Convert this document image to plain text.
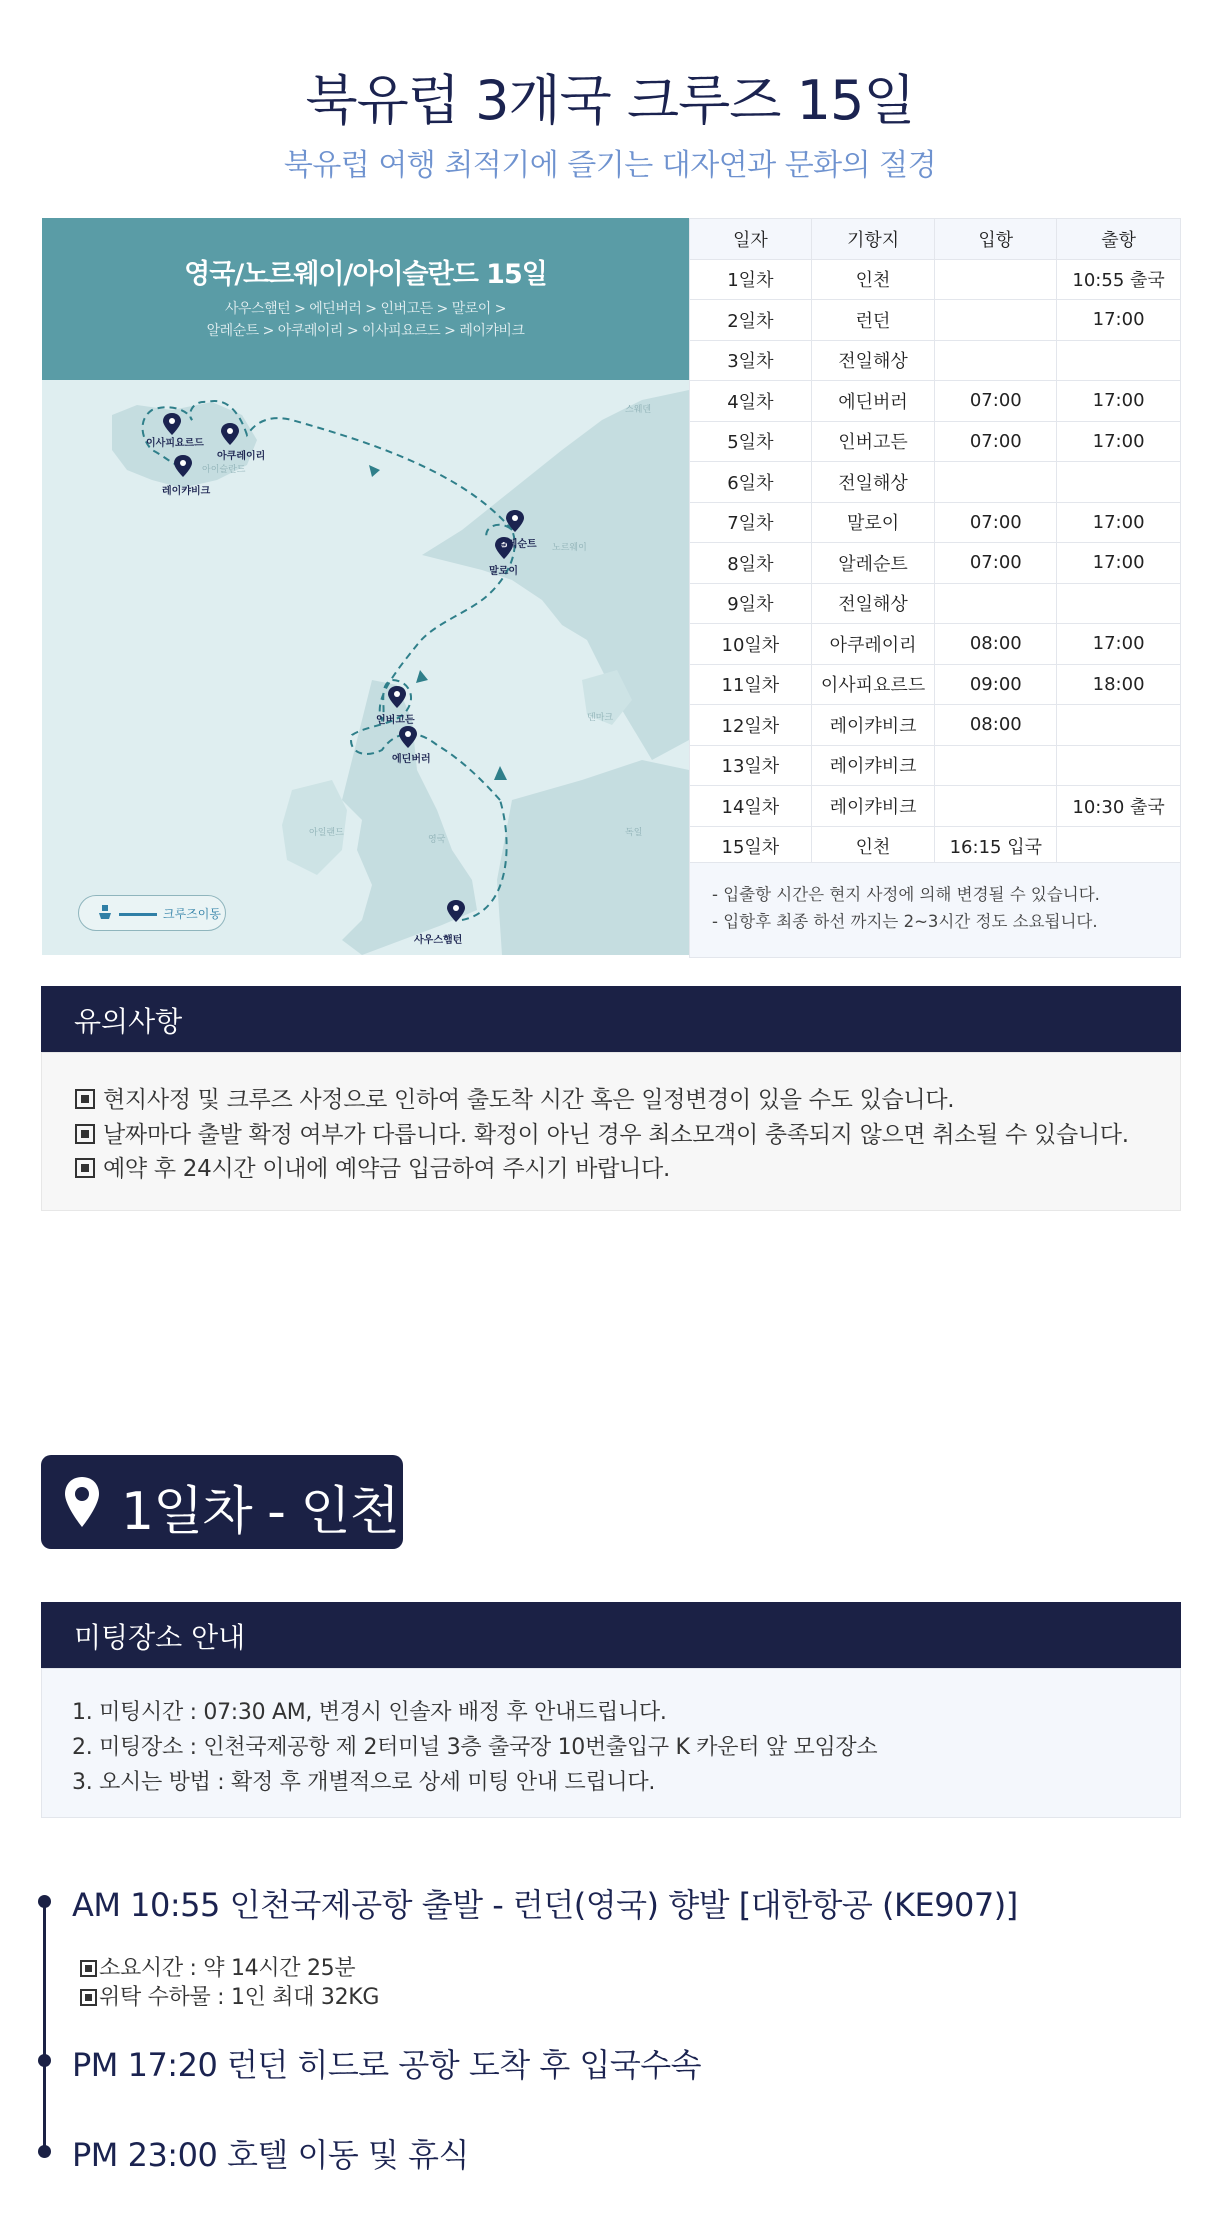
북유럽 3개국 크루즈 15일
북유럽 여행 최적기에 즐기는 대자연과 문화의 절경
영국/노르웨이/아이슬란드 15일
사우스햄턴 > 에딘버러 > 인버고든 > 말로이 >
알레순트 > 아쿠레이리 > 이사피요르드 > 레이캬비크
이사피요르드
아쿠레이리
레이캬비크
알레순트
말로이
인버고든
에딘버러
사우스햄턴
아이슬란드
스웨덴
노르웨이
덴마크
아일랜드
영국
독일
크루즈이동
일자	기항지	입항	출항
1일차	인천		10:55 출국
2일차	런던		17:00
3일차	전일해상		
4일차	에딘버러	07:00	17:00
5일차	인버고든	07:00	17:00
6일차	전일해상		
7일차	말로이	07:00	17:00
8일차	알레순트	07:00	17:00
9일차	전일해상		
10일차	아쿠레이리	08:00	17:00
11일차	이사피요르드	09:00	18:00
12일차	레이캬비크	08:00	
13일차	레이캬비크		
14일차	레이캬비크		10:30 출국
15일차	인천	16:15 입국	
- 입출항 시간은 현지 사정에 의해 변경될 수 있습니다.
- 입항후 최종 하선 까지는 2~3시간 정도 소요됩니다.
유의사항
현지사정 및 크루즈 사정으로 인하여 출도착 시간 혹은 일정변경이 있을 수도 있습니다.
날짜마다 출발 확정 여부가 다릅니다. 확정이 아닌 경우 최소모객이 충족되지 않으면 취소될 수 있습니다.
예약 후 24시간 이내에 예약금 입금하여 주시기 바랍니다.
1일차 - 인천
미팅장소 안내
1. 미팅시간 : 07:30 AM, 변경시 인솔자 배정 후 안내드립니다.
2. 미팅장소 : 인천국제공항 제 2터미널 3층 출국장 10번출입구 K 카운터 앞 모임장소
3. 오시는 방법 : 확정 후 개별적으로 상세 미팅 안내 드립니다.
AM 10:55 인천국제공항 출발 - 런던(영국) 향발 [대한항공 (KE907)]
소요시간 : 약 14시간 25분
위탁 수하물 : 1인 최대 32KG
PM 17:20 런던 히드로 공항 도착 후 입국수속
PM 23:00 호텔 이동 및 휴식
